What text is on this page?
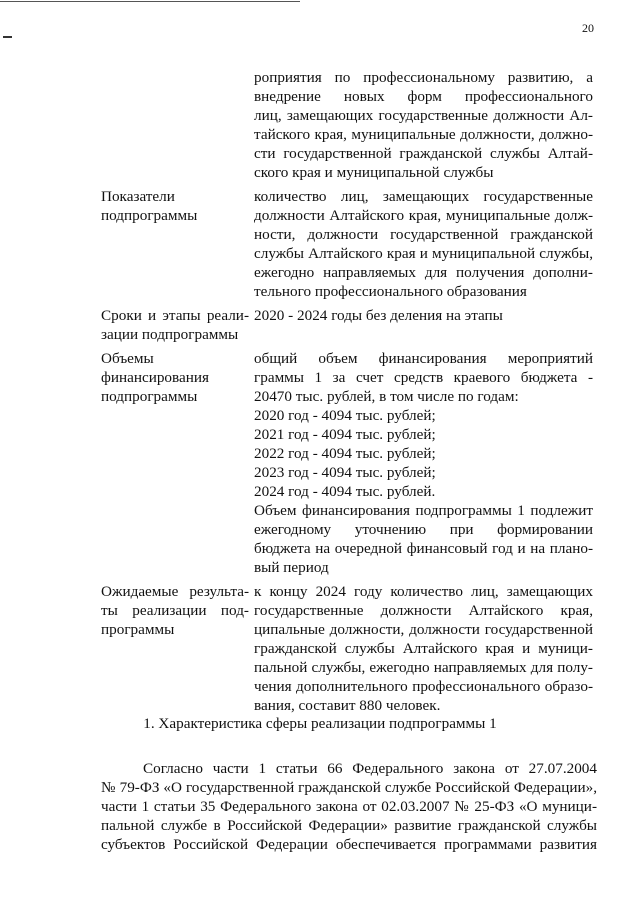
20
роприятия по профессиональному развитию, а
внедрение новых форм профессионального
лиц, замещающих государственные должности Ал-
тайского края, муниципальные должности, должно-
сти государственной гражданской службы Алтай-
ского края и муниципальной службы
Показатели
подпрограммы
количество лиц, замещающих государственные
должности Алтайского края, муниципальные долж-
ности, должности государственной гражданской
службы Алтайского края и муниципальной службы,
ежегодно направляемых для получения дополни-
тельного профессионального образования
Сроки и этапы реали-
зации подпрограммы
2020 - 2024 годы без деления на этапы
Объемы
финансирования
подпрограммы
общий объем финансирования мероприятий
граммы 1 за счет средств краевого бюджета -
20470 тыс. рублей, в том числе по годам:
2020 год - 4094 тыс. рублей;
2021 год - 4094 тыс. рублей;
2022 год - 4094 тыс. рублей;
2023 год - 4094 тыс. рублей;
2024 год - 4094 тыс. рублей.
Объем финансирования подпрограммы 1 подлежит
ежегодному уточнению при формировании
бюджета на очередной финансовый год и на плано-
вый период
Ожидаемые результа-
ты реализации под-
программы
к концу 2024 году количество лиц, замещающих
государственные должности Алтайского края,
ципальные должности, должности государственной
гражданской службы Алтайского края и муници-
пальной службы, ежегодно направляемых для полу-
чения дополнительного профессионального образо-
вания, составит 880 человек.
1. Характеристика сферы реализации подпрограммы 1
Согласно части 1 статьи 66 Федерального закона от 27.07.2004
№ 79-ФЗ «О государственной гражданской службе Российской Федерации»,
части 1 статьи 35 Федерального закона от 02.03.2007 № 25-ФЗ «О муници-
пальной службе в Российской Федерации» развитие гражданской службы
субъектов Российской Федерации обеспечивается программами развития
